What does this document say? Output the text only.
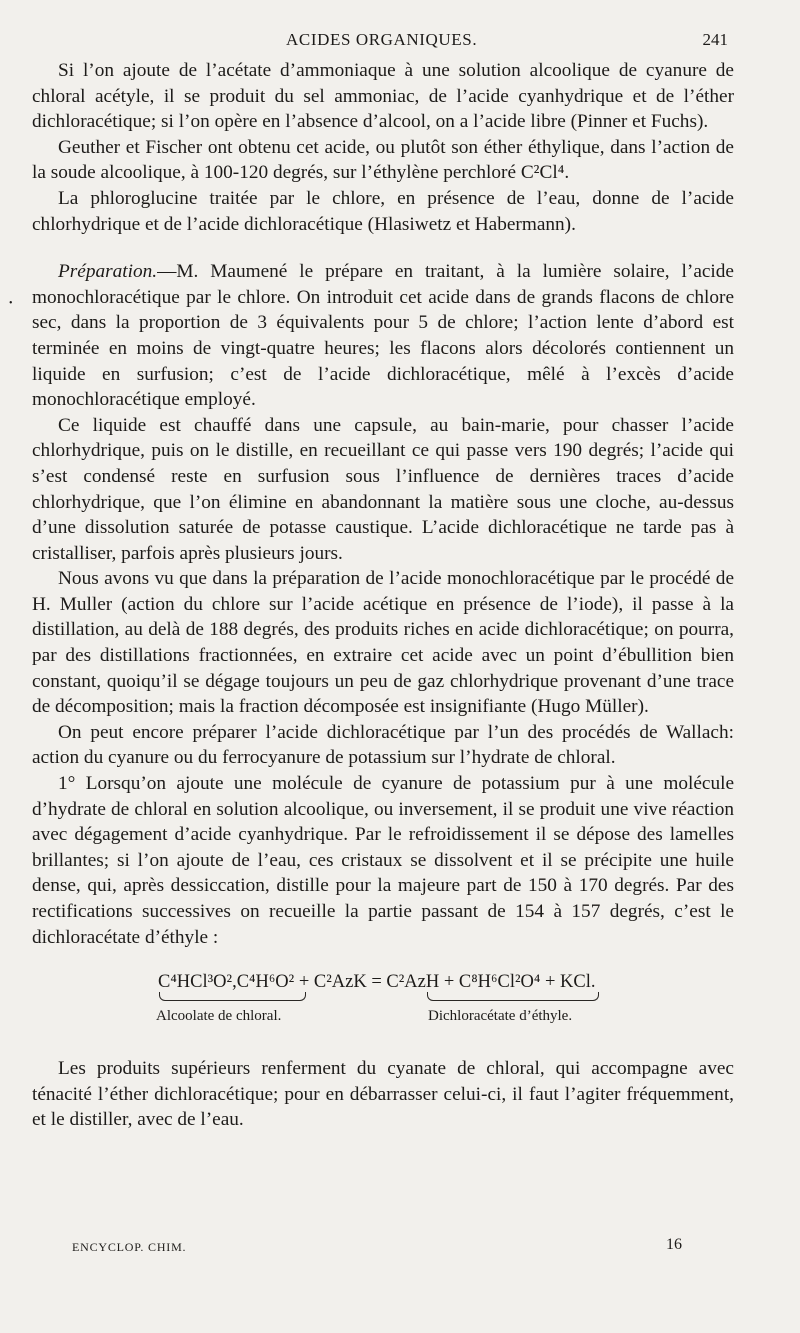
ACIDES ORGANIQUES.	241
•

Si l’on ajoute de l’acétate d’ammoniaque à une solution alcoolique de cyanure de chloral acétyle, il se produit du sel ammoniac, de l’acide cyanhydrique et de l’éther dichloracétique; si l’on opère en l’absence d’alcool, on a l’acide libre (Pinner et Fuchs).

Geuther et Fischer ont obtenu cet acide, ou plutôt son éther éthylique, dans l’action de la soude alcoolique, à 100-120 degrés, sur l’éthylène perchloré C²Cl⁴.

La phloroglucine traitée par le chlore, en présence de l’eau, donne de l’acide chlorhydrique et de l’acide dichloracétique (Hlasiwetz et Habermann).

Préparation.—M. Maumené le prépare en traitant, à la lumière solaire, l’acide monochloracétique par le chlore. On introduit cet acide dans de grands flacons de chlore sec, dans la proportion de 3 équivalents pour 5 de chlore; l’action lente d’abord est terminée en moins de vingt-quatre heures; les flacons alors décolorés contiennent un liquide en surfusion; c’est de l’acide dichloracétique, mêlé à l’excès d’acide monochloracétique employé.

Ce liquide est chauffé dans une capsule, au bain-marie, pour chasser l’acide chlorhydrique, puis on le distille, en recueillant ce qui passe vers 190 degrés; l’acide qui s’est condensé reste en surfusion sous l’influence de dernières traces d’acide chlorhydrique, que l’on élimine en abandonnant la matière sous une cloche, au-dessus d’une dissolution saturée de potasse caustique. L’acide dichloracétique ne tarde pas à cristalliser, parfois après plusieurs jours.

Nous avons vu que dans la préparation de l’acide monochloracétique par le procédé de H. Muller (action du chlore sur l’acide acétique en présence de l’iode), il passe à la distillation, au delà de 188 degrés, des produits riches en acide dichloracétique; on pourra, par des distillations fractionnées, en extraire cet acide avec un point d’ébullition bien constant, quoiqu’il se dégage toujours un peu de gaz chlorhydrique provenant d’une trace de décomposition; mais la fraction décomposée est insignifiante (Hugo Müller).

On peut encore préparer l’acide dichloracétique par l’un des procédés de Wallach: action du cyanure ou du ferrocyanure de potassium sur l’hydrate de chloral.

1° Lorsqu’on ajoute une molécule de cyanure de potassium pur à une molécule d’hydrate de chloral en solution alcoolique, ou inversement, il se produit une vive réaction avec dégagement d’acide cyanhydrique. Par le refroidissement il se dépose des lamelles brillantes; si l’on ajoute de l’eau, ces cristaux se dissolvent et il se précipite une huile dense, qui, après dessiccation, distille pour la majeure part de 150 à 170 degrés. Par des rectifications successives on recueille la partie passant de 154 à 157 degrés, c’est le dichloracétate d’éthyle :

C⁴HCl³O²,C⁴H⁶O² + C²AzK = C²AzH + C⁸H⁶Cl²O⁴ + KCl.
Alcoolate de chloral.	Dichloracétate d’éthyle.

Les produits supérieurs renferment du cyanate de chloral, qui accompagne avec ténacité l’éther dichloracétique; pour en débarrasser celui-ci, il faut l’agiter fréquemment, et le distiller, avec de l’eau.

ENCYCLOP. CHIM.	16
